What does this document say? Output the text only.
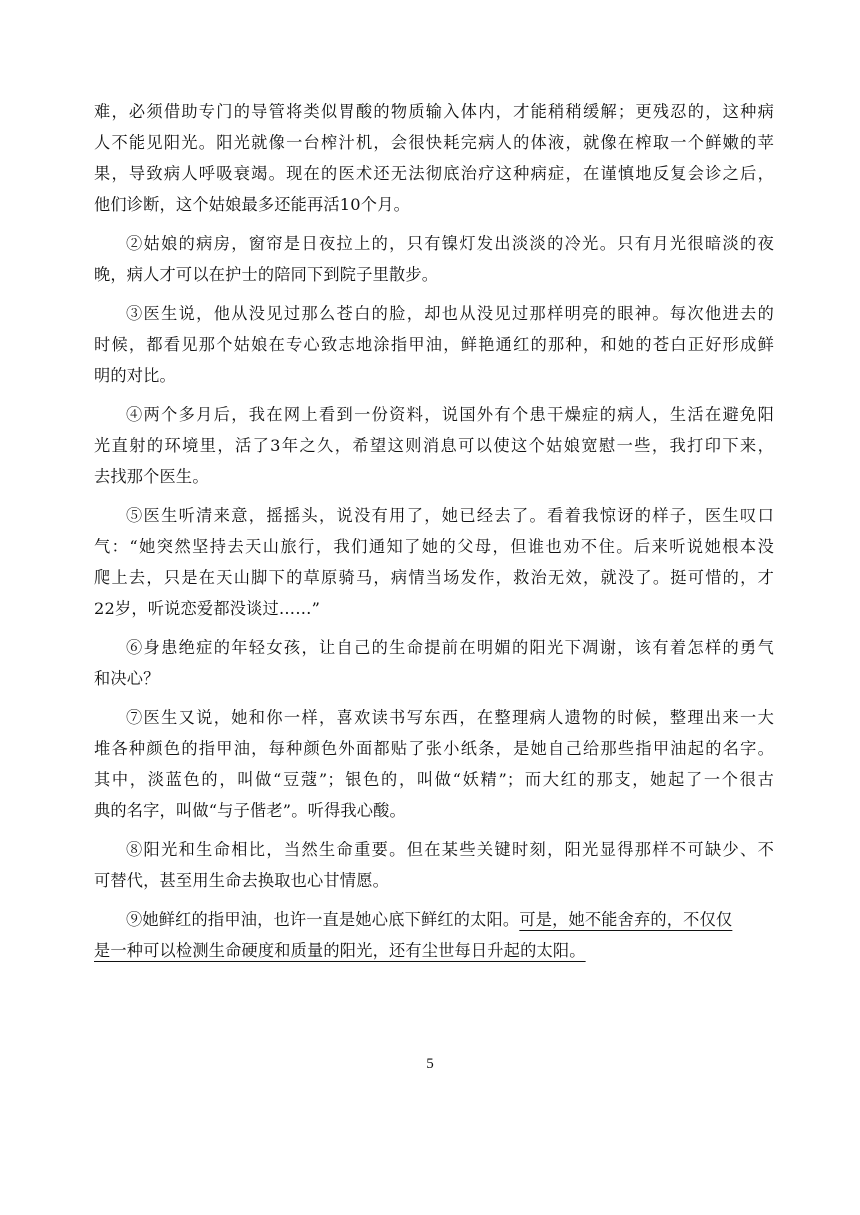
难，必须借助专门的导管将类似胃酸的物质输入体内，才能稍稍缓解；更残忍的，这种病
人不能见阳光。阳光就像一台榨汁机，会很快耗完病人的体液，就像在榨取一个鲜嫩的苹
果，导致病人呼吸衰竭。现在的医术还无法彻底治疗这种病症，在谨慎地反复会诊之后，
他们诊断，这个姑娘最多还能再活10个月。
②姑娘的病房，窗帘是日夜拉上的，只有镍灯发出淡淡的冷光。只有月光很暗淡的夜
晚，病人才可以在护士的陪同下到院子里散步。
③医生说，他从没见过那么苍白的脸，却也从没见过那样明亮的眼神。每次他进去的
时候，都看见那个姑娘在专心致志地涂指甲油，鲜艳通红的那种，和她的苍白正好形成鲜
明的对比。
④两个多月后，我在网上看到一份资料，说国外有个患干燥症的病人，生活在避免阳
光直射的环境里，活了3年之久，希望这则消息可以使这个姑娘宽慰一些，我打印下来，
去找那个医生。
⑤医生听清来意，摇摇头，说没有用了，她已经去了。看着我惊讶的样子，医生叹口
气：“她突然坚持去天山旅行，我们通知了她的父母，但谁也劝不住。后来听说她根本没
爬上去，只是在天山脚下的草原骑马，病情当场发作，救治无效，就没了。挺可惜的，才
22岁，听说恋爱都没谈过……”
⑥身患绝症的年轻女孩，让自己的生命提前在明媚的阳光下凋谢，该有着怎样的勇气
和决心？
⑦医生又说，她和你一样，喜欢读书写东西，在整理病人遗物的时候，整理出来一大
堆各种颜色的指甲油，每种颜色外面都贴了张小纸条，是她自己给那些指甲油起的名字。
其中，淡蓝色的，叫做“豆蔻”；银色的，叫做“妖精”；而大红的那支，她起了一个很古
典的名字，叫做“与子偕老”。听得我心酸。
⑧阳光和生命相比，当然生命重要。但在某些关键时刻，阳光显得那样不可缺少、不
可替代，甚至用生命去换取也心甘情愿。
⑨她鲜红的指甲油，也许一直是她心底下鲜红的太阳。可是，她不能舍弃的，不仅仅
是一种可以检测生命硬度和质量的阳光，还有尘世每日升起的太阳。
5
